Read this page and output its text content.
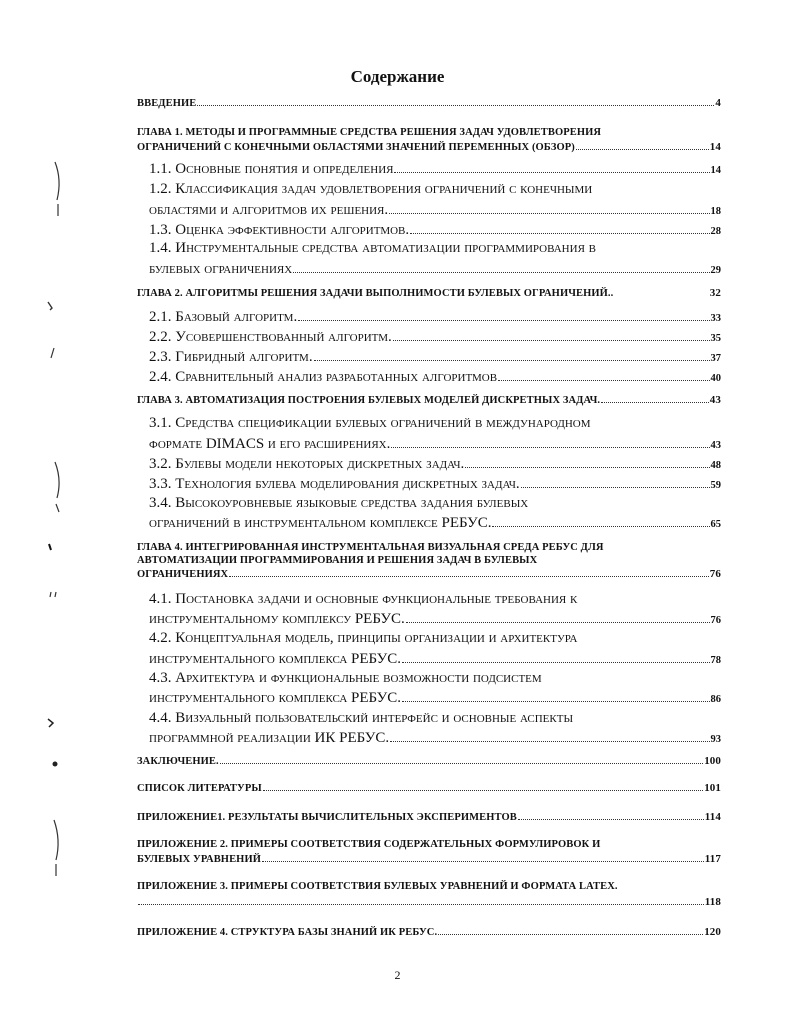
Содержание
ВВЕДЕНИЕ	4
ГЛАВА 1. МЕТОДЫ И ПРОГРАММНЫЕ СРЕДСТВА РЕШЕНИЯ ЗАДАЧ УДОВЛЕТВОРЕНИЯ
ОГРАНИЧЕНИЙ С КОНЕЧНЫМИ ОБЛАСТЯМИ ЗНАЧЕНИЙ ПЕРЕМЕННЫХ (ОБЗОР)	14
1.1. Основные понятия и определения	14
1.2. Классификация задач удовлетворения ограничений с конечными
областями и алгоритмов их решения.	18
1.3. Оценка эффективности алгоритмов.	28
1.4. Инструментальные средства автоматизации программирования в
булевых ограничениях	29
ГЛАВА 2. АЛГОРИТМЫ РЕШЕНИЯ ЗАДАЧИ ВЫПОЛНИМОСТИ БУЛЕВЫХ ОГРАНИЧЕНИЙ..	32
2.1. Базовый алгоритм.	33
2.2. Усовершенствованный алгоритм.	35
2.3. Гибридный алгоритм.	37
2.4. Сравнительный анализ разработанных алгоритмов	40
ГЛАВА 3. АВТОМАТИЗАЦИЯ ПОСТРОЕНИЯ БУЛЕВЫХ МОДЕЛЕЙ ДИСКРЕТНЫХ ЗАДАЧ.	43
3.1. Средства спецификации булевых ограничений в международном
формате DIMACS и его расширениях.	43
3.2. Булевы модели некоторых дискретных задач.	48
3.3. Технология булева моделирования дискретных задач.	59
3.4. Высокоуровневые языковые средства задания булевых
ограничений в инструментальном комплексе РЕБУС.	65
ГЛАВА 4. ИНТЕГРИРОВАННАЯ ИНСТРУМЕНТАЛЬНАЯ ВИЗУАЛЬНАЯ СРЕДА РЕБУС ДЛЯ
АВТОМАТИЗАЦИИ ПРОГРАММИРОВАНИЯ И РЕШЕНИЯ ЗАДАЧ В БУЛЕВЫХ
ОГРАНИЧЕНИЯХ	76
4.1. Постановка задачи и основные функциональные требования к
инструментальному комплексу РЕБУС.	76
4.2. Концептуальная модель, принципы организации и архитектура
инструментального комплекса РЕБУС.	78
4.3. Архитектура и функциональные возможности подсистем
инструментального комплекса РЕБУС.	86
4.4. Визуальный пользовательский интерфейс и основные аспекты
программной реализации ИК РЕБУС.	93
ЗАКЛЮЧЕНИЕ.	100
СПИСОК ЛИТЕРАТУРЫ	101
ПРИЛОЖЕНИЕ1. РЕЗУЛЬТАТЫ ВЫЧИСЛИТЕЛЬНЫХ ЭКСПЕРИМЕНТОВ	114
ПРИЛОЖЕНИЕ 2. ПРИМЕРЫ СООТВЕТСТВИЯ СОДЕРЖАТЕЛЬНЫХ ФОРМУЛИРОВОК И
БУЛЕВЫХ УРАВНЕНИЙ	117
ПРИЛОЖЕНИЕ 3. ПРИМЕРЫ СООТВЕТСТВИЯ БУЛЕВЫХ УРАВНЕНИЙ И ФОРМАТА LATEX.
118
ПРИЛОЖЕНИЕ 4. СТРУКТУРА БАЗЫ ЗНАНИЙ ИК РЕБУС.	120
2
